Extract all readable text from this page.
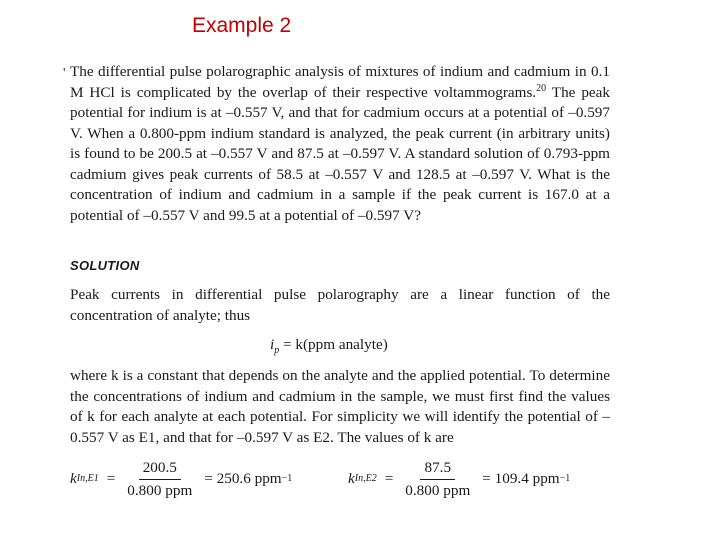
Example 2
' The differential pulse polarographic analysis of mixtures of indium and cadmium in 0.1 M HCl is complicated by the overlap of their respective voltammograms.$^{20}$ The peak potential for indium is at –0.557 V, and that for cadmium occurs at a potential of –0.597 V. When a 0.800-ppm indium standard is analyzed, the peak current (in arbitrary units) is found to be 200.5 at –0.557 V and 87.5 at –0.597 V. A standard solution of 0.793-ppm cadmium gives peak currents of 58.5 at –0.557 V and 128.5 at –0.597 V. What is the concentration of indium and cadmium in a sample if the peak current is 167.0 at a potential of –0.557 V and 99.5 at a potential of –0.597 V?
SOLUTION
Peak currents in differential pulse polarography are a linear function of the concentration of analyte; thus
$i_p = k(ppm$ analyte)
where k is a constant that depends on the analyte and the applied potential. To determine the concentrations of indium and cadmium in the sample, we must first find the values of k for each analyte at each potential. For simplicity we will identify the potential of –0.557 V as E1, and that for –0.597 V as E2. The values of k are
k $In,E1 = \frac{200.5}{\text{0.800 ppm}} = 250.6$ ppm −1	k $In,E2 = \frac{87.5}{\text{0.800 ppm}} = 109.4$ ppm −1
